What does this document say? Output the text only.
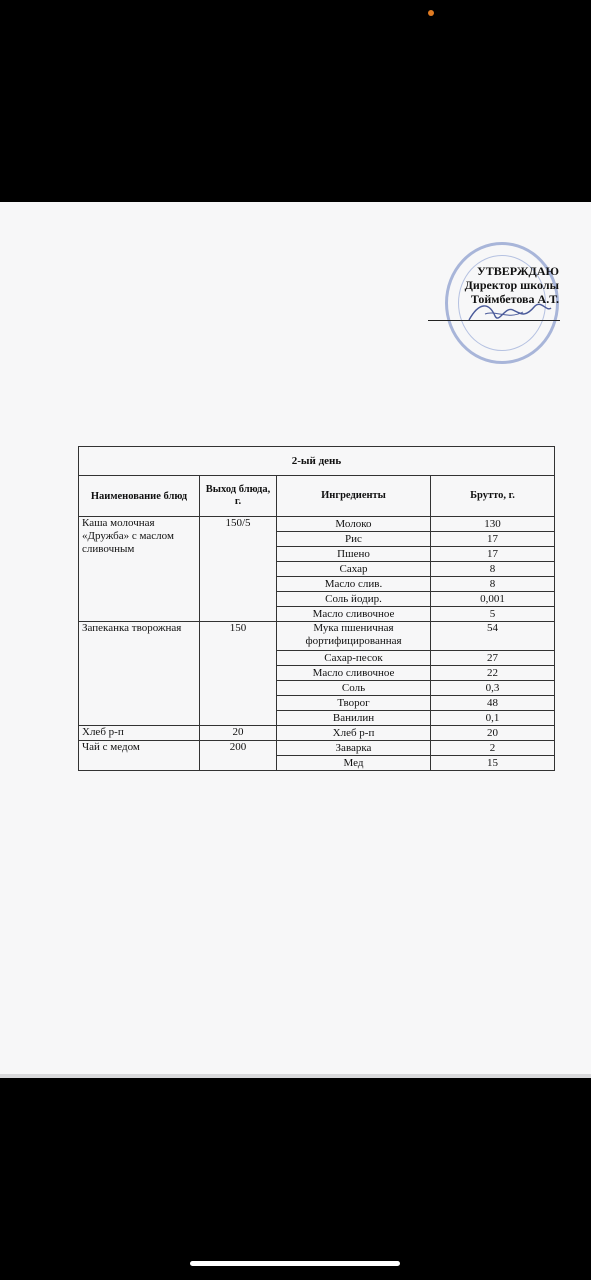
УТВЕРЖДАЮ
Директор школы
Тоймбетова А.Т.
2-ый день			
Наименование блюд	Выход блюда, г.	Ингредиенты	Брутто, г.
Каша молочная «Дружба» с маслом сливочным	150/5	Молоко	130
		Рис	17
		Пшено	17
		Сахар	8
		Масло слив.	8
		Соль йодир.	0,001
		Масло сливочное	5
Запеканка творожная	150	Мука пшеничная фортифицированная	54
		Сахар-песок	27
		Масло сливочное	22
		Соль	0,3
		Творог	48
		Ванилин	0,1
Хлеб р-п	20	Хлеб р-п	20
Чай с медом	200	Заварка	2
		Мед	15
